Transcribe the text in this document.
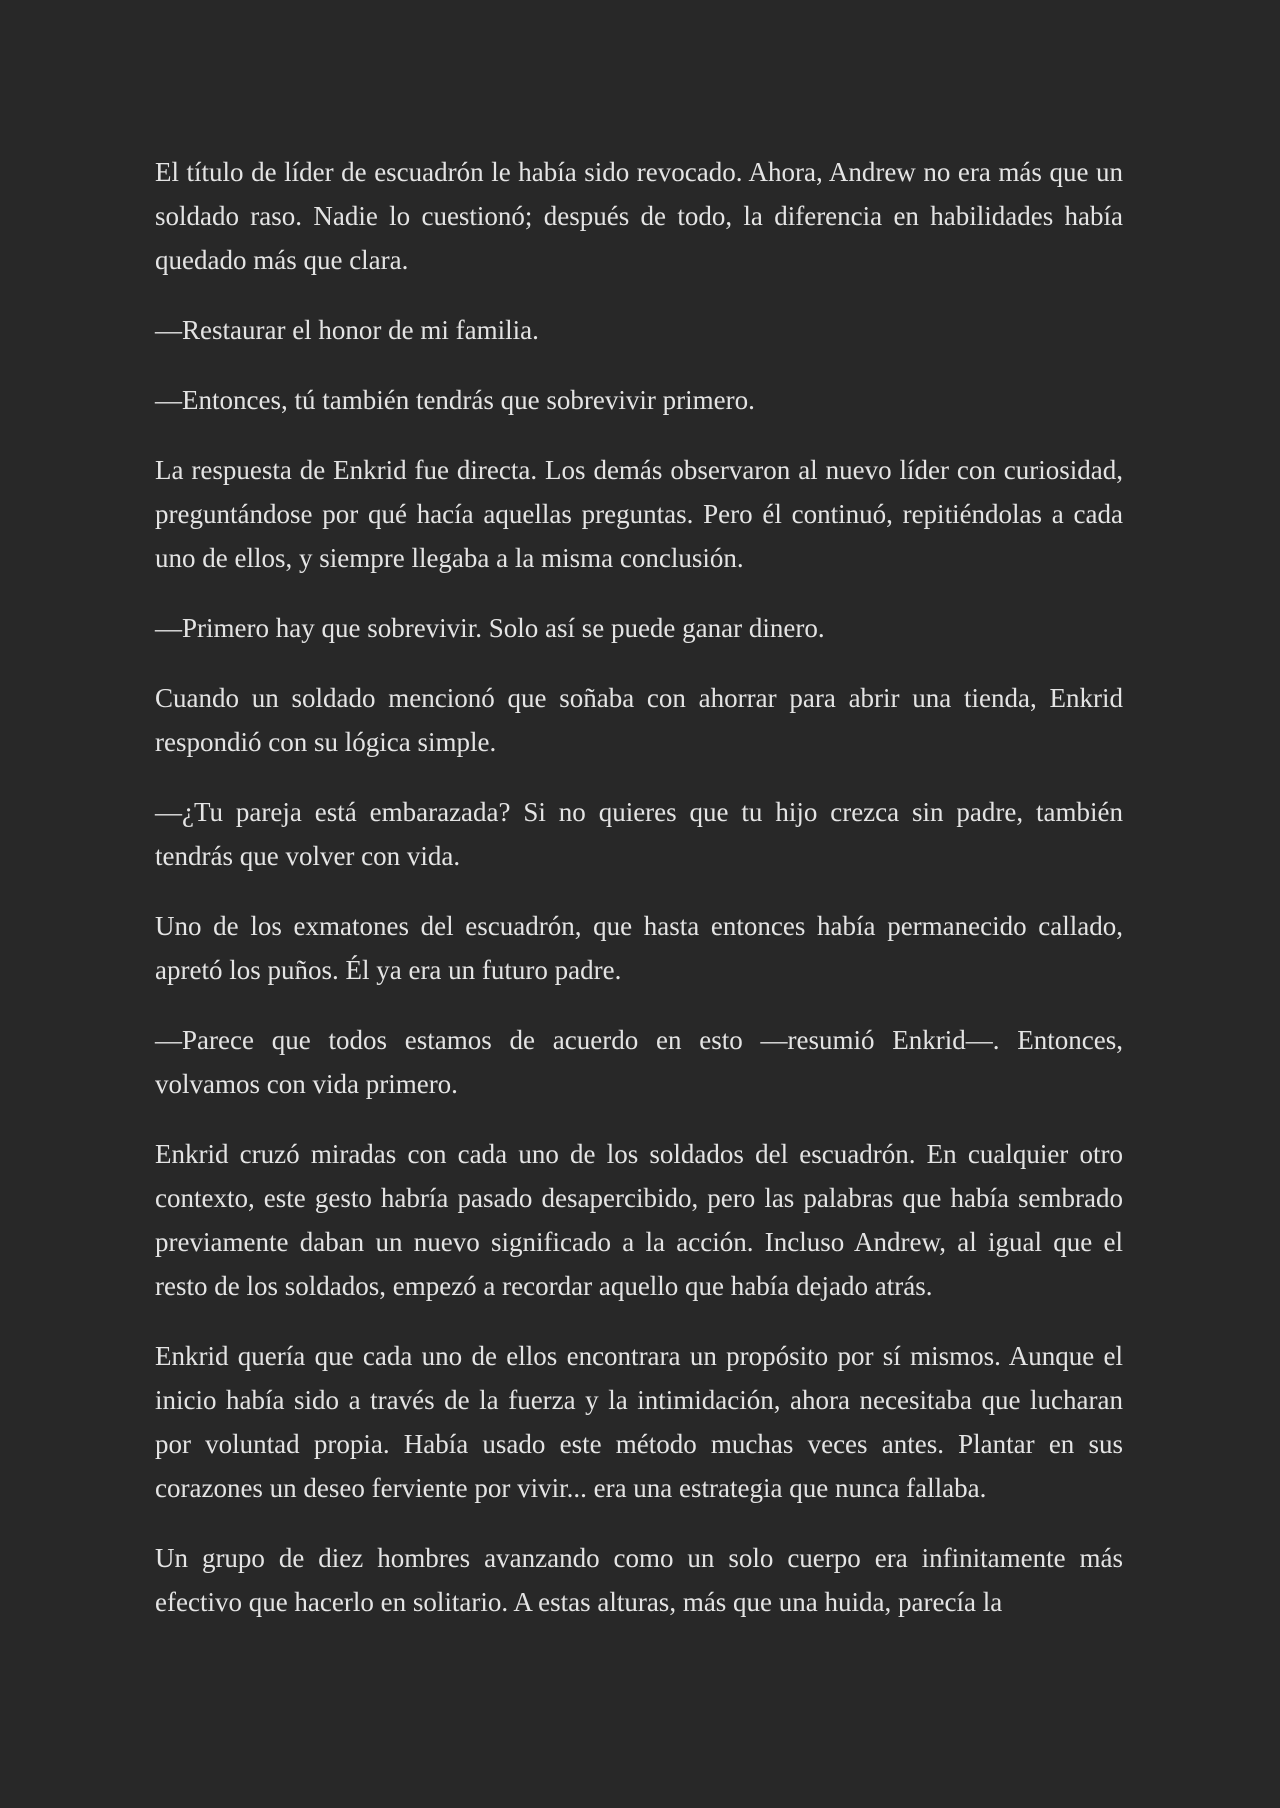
El título de líder de escuadrón le había sido revocado. Ahora, Andrew no era más que un soldado raso. Nadie lo cuestionó; después de todo, la diferencia en habilidades había quedado más que clara.

—Restaurar el honor de mi familia.

—Entonces, tú también tendrás que sobrevivir primero.

La respuesta de Enkrid fue directa. Los demás observaron al nuevo líder con curiosidad, preguntándose por qué hacía aquellas preguntas. Pero él continuó, repitiéndolas a cada uno de ellos, y siempre llegaba a la misma conclusión.

—Primero hay que sobrevivir. Solo así se puede ganar dinero.

Cuando un soldado mencionó que soñaba con ahorrar para abrir una tienda, Enkrid respondió con su lógica simple.

—¿Tu pareja está embarazada? Si no quieres que tu hijo crezca sin padre, también tendrás que volver con vida.

Uno de los exmatones del escuadrón, que hasta entonces había permanecido callado, apretó los puños. Él ya era un futuro padre.

—Parece que todos estamos de acuerdo en esto —resumió Enkrid—. Entonces, volvamos con vida primero.

Enkrid cruzó miradas con cada uno de los soldados del escuadrón. En cualquier otro contexto, este gesto habría pasado desapercibido, pero las palabras que había sembrado previamente daban un nuevo significado a la acción. Incluso Andrew, al igual que el resto de los soldados, empezó a recordar aquello que había dejado atrás.

Enkrid quería que cada uno de ellos encontrara un propósito por sí mismos. Aunque el inicio había sido a través de la fuerza y la intimidación, ahora necesitaba que lucharan por voluntad propia. Había usado este método muchas veces antes. Plantar en sus corazones un deseo ferviente por vivir... era una estrategia que nunca fallaba.

Un grupo de diez hombres avanzando como un solo cuerpo era infinitamente más efectivo que hacerlo en solitario. A estas alturas, más que una huida, parecía la
